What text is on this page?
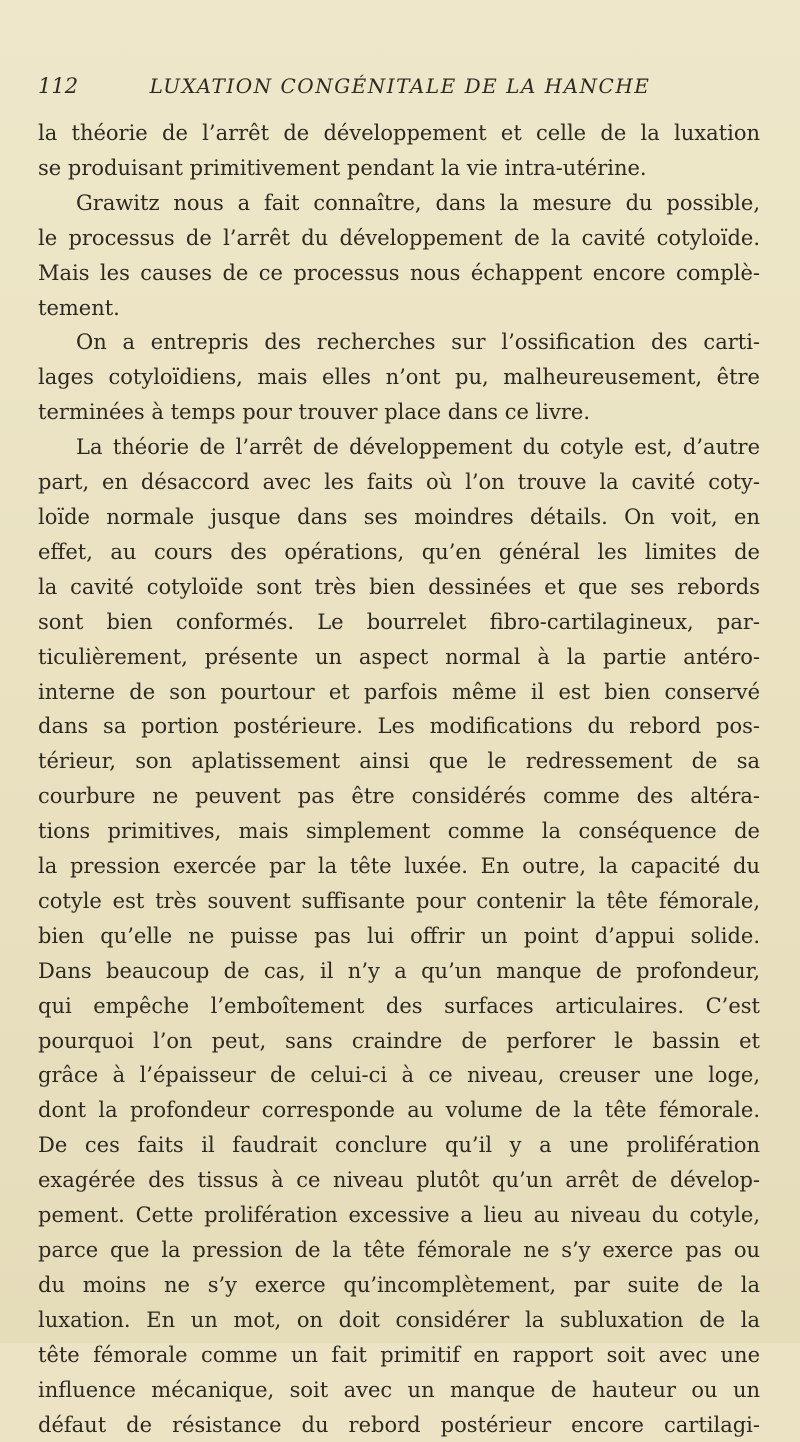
112	LUXATION CONGÉNITALE DE LA HANCHE
la théorie de l’arrêt de développement et celle de la luxation
se produisant primitivement pendant la vie intra-utérine.
Grawitz nous a fait connaître, dans la mesure du possible,
le processus de l’arrêt du développement de la cavité cotyloïde.
Mais les causes de ce processus nous échappent encore complè-
tement.
On a entrepris des recherches sur l’ossification des carti-
lages cotyloïdiens, mais elles n’ont pu, malheureusement, être
terminées à temps pour trouver place dans ce livre.
La théorie de l’arrêt de développement du cotyle est, d’autre
part, en désaccord avec les faits où l’on trouve la cavité coty-
loïde normale jusque dans ses moindres détails. On voit, en
effet, au cours des opérations, qu’en général les limites de
la cavité cotyloïde sont très bien dessinées et que ses rebords
sont bien conformés. Le bourrelet fibro-cartilagineux, par-
ticulièrement, présente un aspect normal à la partie antéro-
interne de son pourtour et parfois même il est bien conservé
dans sa portion postérieure. Les modifications du rebord pos-
térieur, son aplatissement ainsi que le redressement de sa
courbure ne peuvent pas être considérés comme des altéra-
tions primitives, mais simplement comme la conséquence de
la pression exercée par la tête luxée. En outre, la capacité du
cotyle est très souvent suffisante pour contenir la tête fémorale,
bien qu’elle ne puisse pas lui offrir un point d’appui solide.
Dans beaucoup de cas, il n’y a qu’un manque de profondeur,
qui empêche l’emboîtement des surfaces articulaires. C’est
pourquoi l’on peut, sans craindre de perforer le bassin et
grâce à l’épaisseur de celui-ci à ce niveau, creuser une loge,
dont la profondeur corresponde au volume de la tête fémorale.
De ces faits il faudrait conclure qu’il y a une prolifération
exagérée des tissus à ce niveau plutôt qu’un arrêt de dévelop-
pement. Cette prolifération excessive a lieu au niveau du cotyle,
parce que la pression de la tête fémorale ne s’y exerce pas ou
du moins ne s’y exerce qu’incomplètement, par suite de la
luxation. En un mot, on doit considérer la subluxation de la
tête fémorale comme un fait primitif en rapport soit avec une
influence mécanique, soit avec un manque de hauteur ou un
défaut de résistance du rebord postérieur encore cartilagi-
